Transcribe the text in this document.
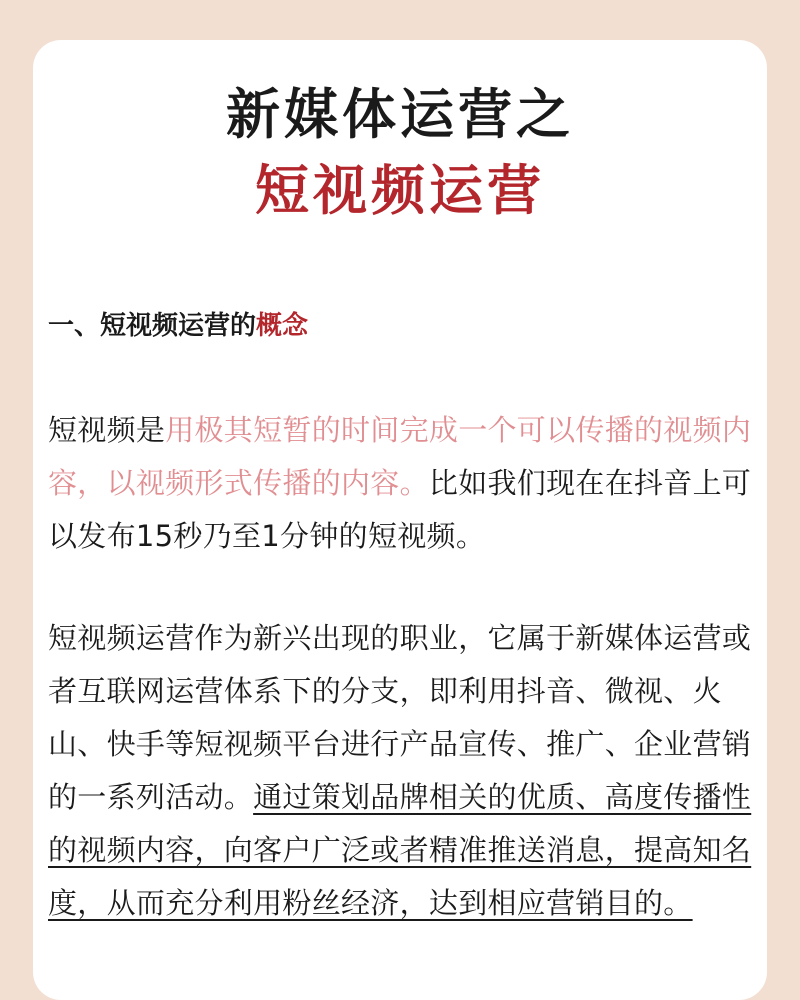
新媒体运营之
短视频运营
一、短视频运营的概念
短视频是用极其短暂的时间完成一个可以传播的视频内容，以视频形式传播的内容。比如我们现在在抖音上可以发布15秒乃至1分钟的短视频。
短视频运营作为新兴出现的职业，它属于新媒体运营或者互联网运营体系下的分支，即利用抖音、微视、火山、快手等短视频平台进行产品宣传、推广、企业营销的一系列活动。通过策划品牌相关的优质、高度传播性的视频内容，向客户广泛或者精准推送消息，提高知名度，从而充分利用粉丝经济，达到相应营销目的。
